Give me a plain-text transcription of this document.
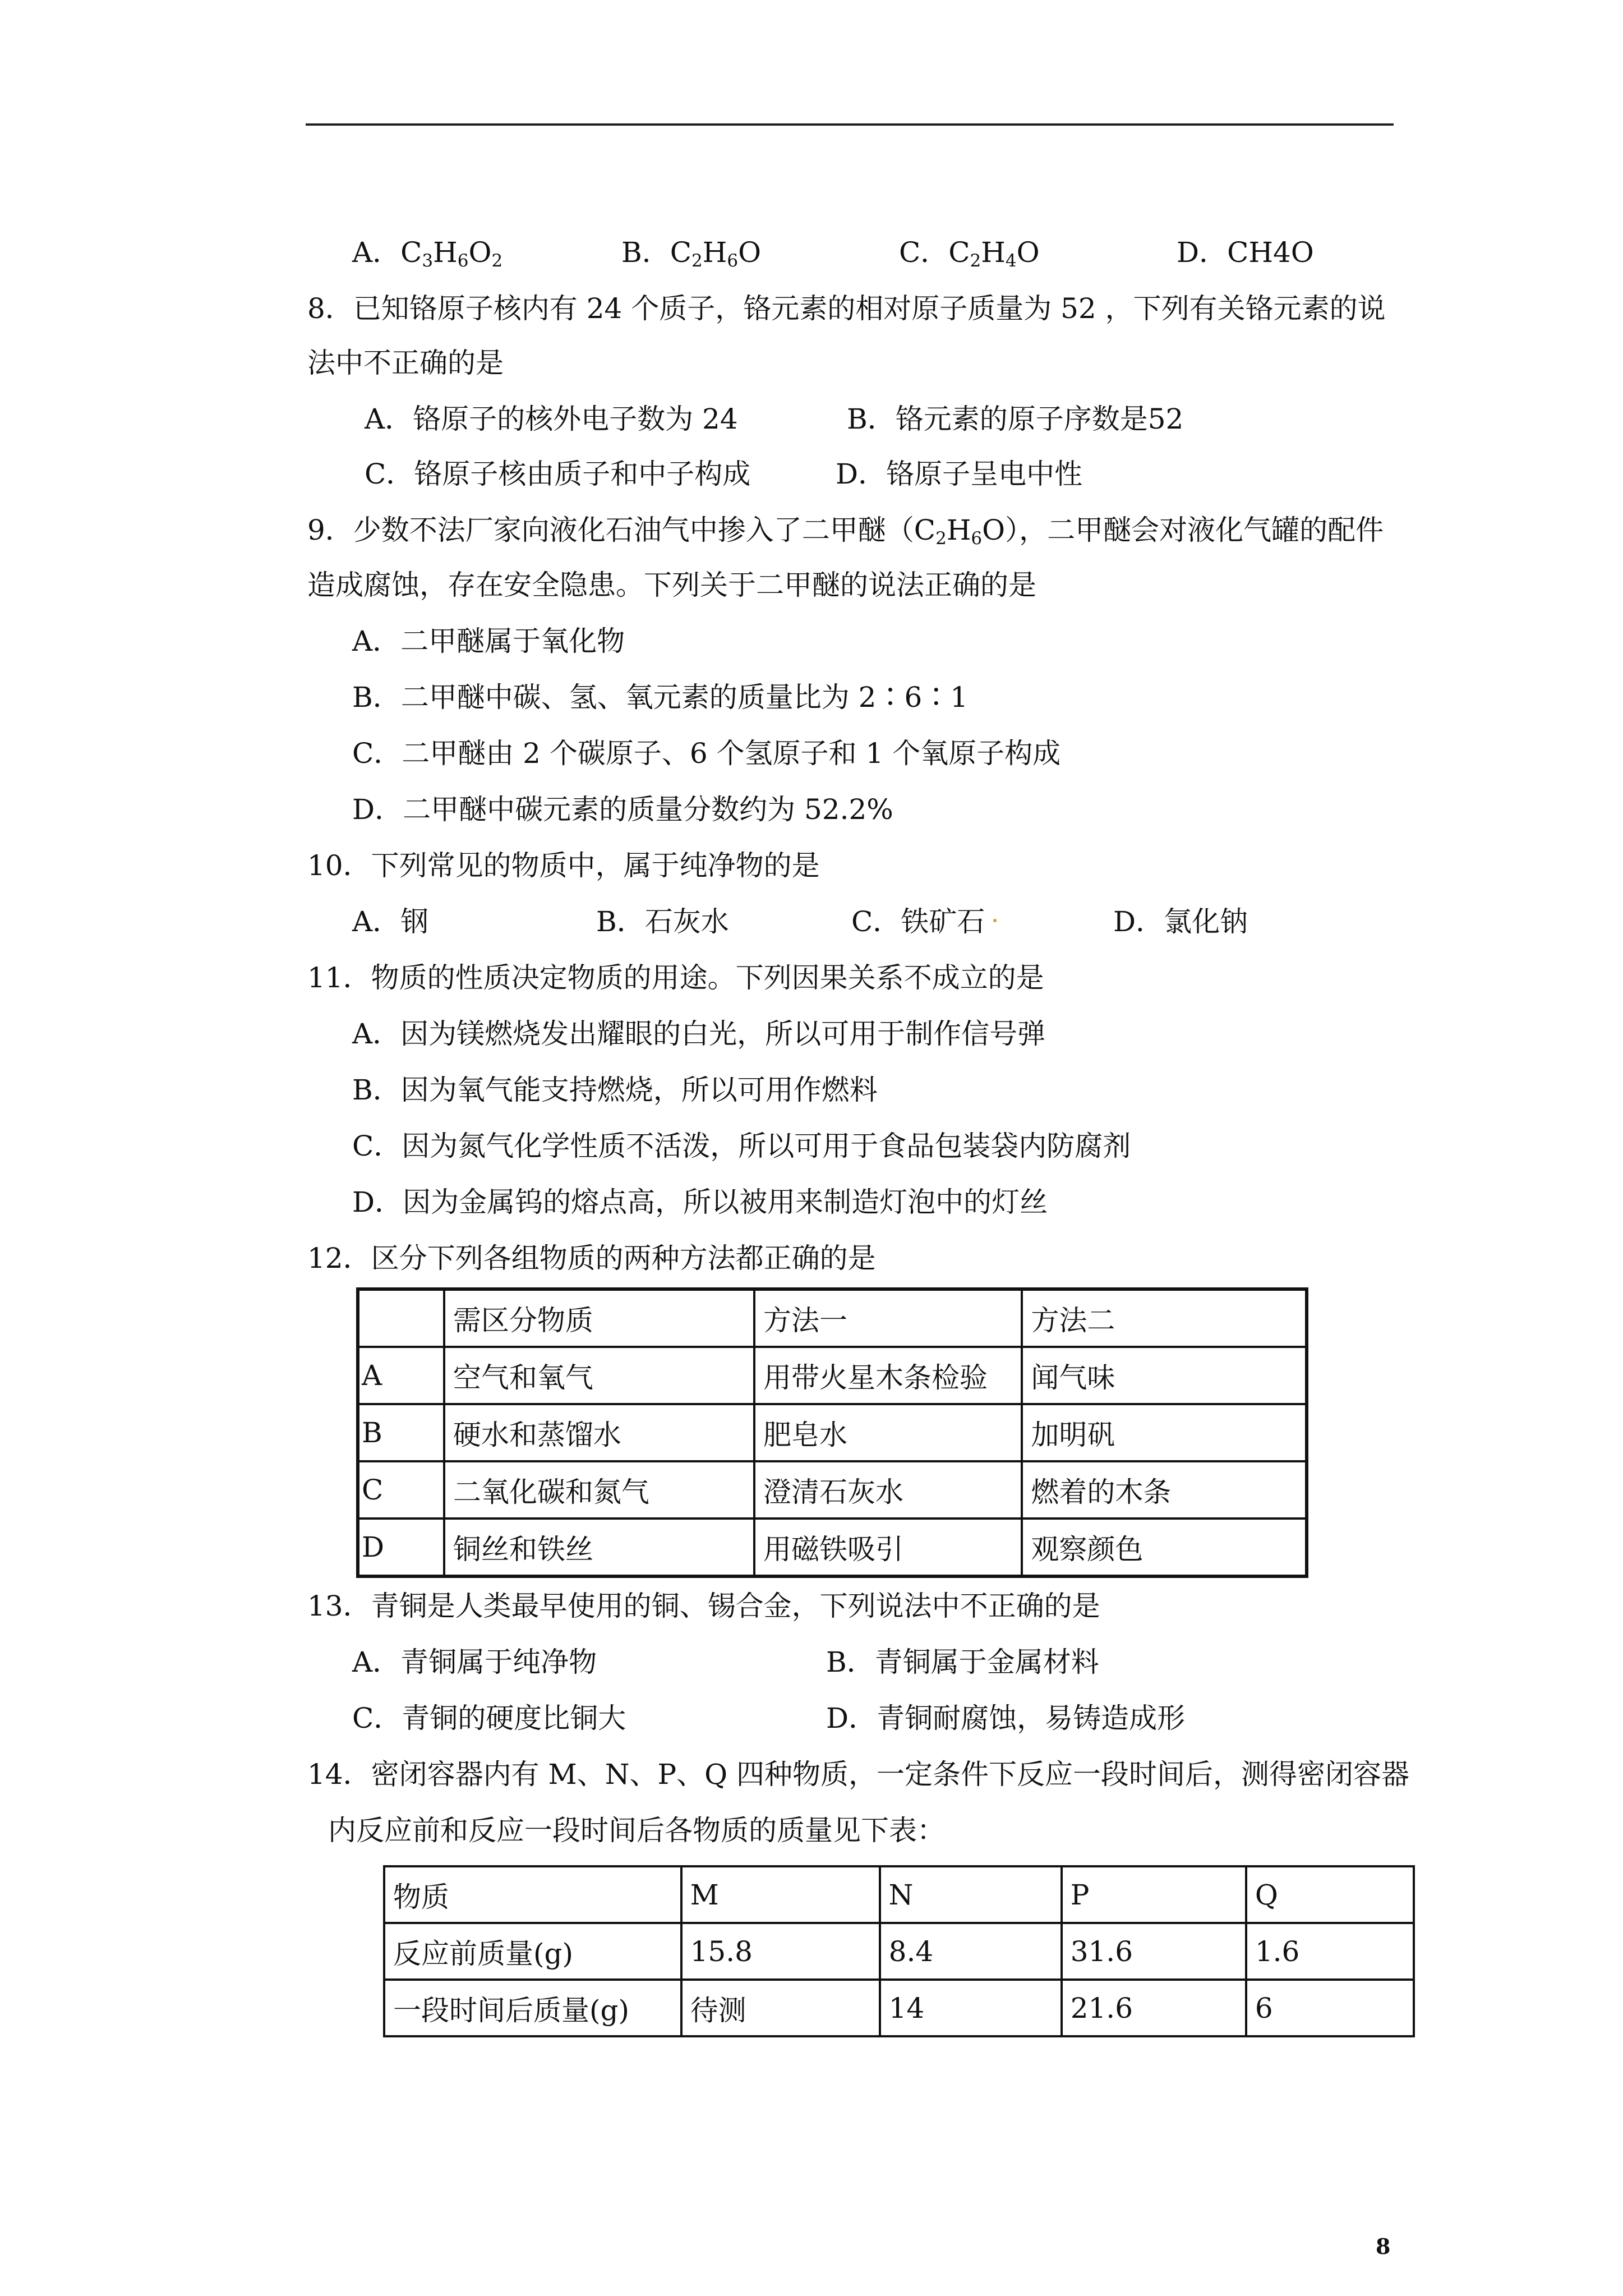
A．$C_3H_6O_2$	B．$C_2H_6O$	C．$C_2H_4O$	D．CH4O
8．已知铬原子核内有 24 个质子，铬元素的相对原子质量为 52 ，下列有关铬元素的说
法中不正确的是
A．铬原子的核外电子数为 24	B．铬元素的原子序数是52
C．铬原子核由质子和中子构成	D．铬原子呈电中性
9．少数不法厂家向液化石油气中掺入了二甲醚$(C_2H_6O)$，二甲醚会对液化气罐的配件
造成腐蚀，存在安全隐患。下列关于二甲醚的说法正确的是
A．二甲醚属于氧化物
B．二甲醚中碳、氢、氧元素的质量比为 2∶6∶1
C．二甲醚由 2 个碳原子、6 个氢原子和 1 个氧原子构成
D．二甲醚中碳元素的质量分数约为 52.2%
10．下列常见的物质中，属于纯净物的是
A．钢	B．石灰水	C．铁矿石	D．氯化钠
11．物质的性质决定物质的用途。下列因果关系不成立的是
A．因为镁燃烧发出耀眼的白光，所以可用于制作信号弹
B．因为氧气能支持燃烧，所以可用作燃料
C．因为氮气化学性质不活泼，所以可用于食品包装袋内防腐剂
D．因为金属钨的熔点高，所以被用来制造灯泡中的灯丝
12．区分下列各组物质的两种方法都正确的是
	需区分物质	方法一	方法二
A	空气和氧气	用带火星木条检验	闻气味
B	硬水和蒸馏水	肥皂水	加明矾
C	二氧化碳和氮气	澄清石灰水	燃着的木条
D	铜丝和铁丝	用磁铁吸引	观察颜色
13．青铜是人类最早使用的铜、锡合金，下列说法中不正确的是
A．青铜属于纯净物	B．青铜属于金属材料
C．青铜的硬度比铜大	D．青铜耐腐蚀，易铸造成形
14．密闭容器内有 M、N、P、Q 四种物质，一定条件下反应一段时间后，测得密闭容器
内反应前和反应一段时间后各物质的质量见下表：
物质	M	N	P	Q
反应前质量(g)	15.8	8.4	31.6	1.6
一段时间后质量(g)	待测	14	21.6	6
8
